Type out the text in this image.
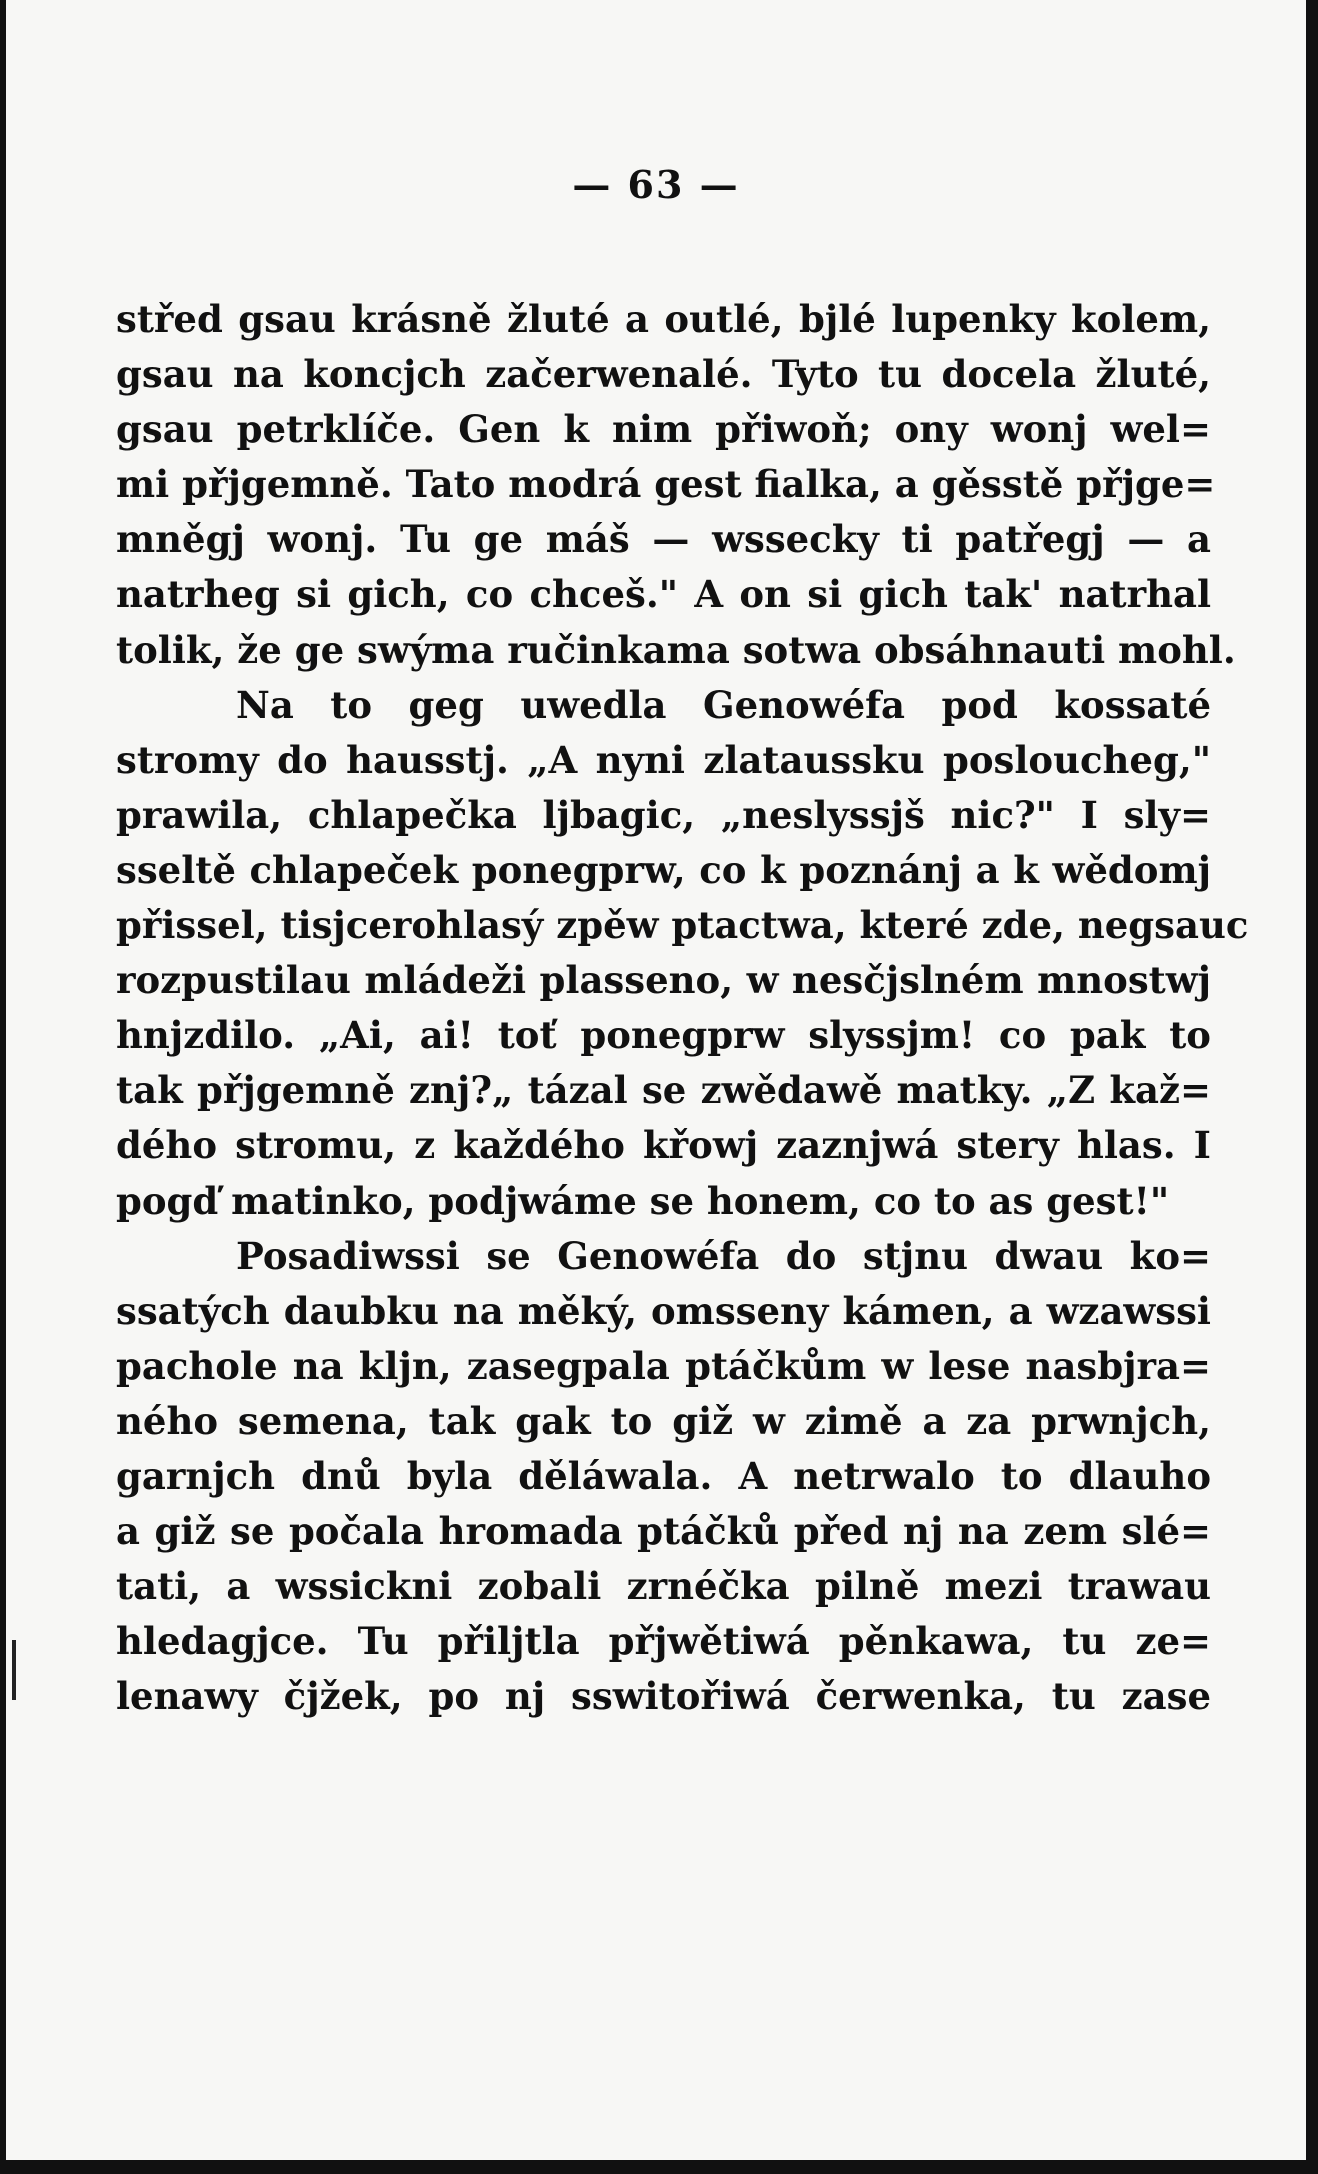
— 63 —
střed gsau krásně žluté a outlé, bjlé lupenky kolem,
gsau na koncjch začerwenalé. Tyto tu docela žluté,
gsau petrklíče. Gen k nim přiwoň; ony wonj wel=
mi přjgemně. Tato modrá gest fialka, a gěsstě přjge=
mněgj wonj. Tu ge máš — wssecky ti patřegj — a
natrheg si gich, co chceš." A on si gich tak' natrhal
tolik, že ge swýma ručinkama sotwa obsáhnauti mohl.
Na to geg uwedla Genowéfa pod kossaté
stromy do hausstj. „A nyni zlataussku posloucheg,"
prawila, chlapečka ljbagic, „neslyssjš nic?" I sly=
sseltě chlapeček ponegprw, co k poznánj a k wědomj
přissel, tisjcerohlasý zpěw ptactwa, které zde, negsauc
rozpustilau mládeži plasseno, w nesčjslném mnostwj
hnjzdilo. „Ai, ai! toť ponegprw slyssjm! co pak to
tak přjgemně znj?„ tázal se zwědawě matky. „Z kaž=
dého stromu, z každého křowj zaznjwá stery hlas. I
pogď matinko, podjwáme se honem, co to as gest!"
Posadiwssi se Genowéfa do stjnu dwau ko=
ssatých daubku na měký, omsseny kámen, a wzawssi
pachole na kljn, zasegpala ptáčkům w lese nasbjra=
ného semena, tak gak to giž w zimě a za prwnjch,
garnjch dnů byla děláwala. A netrwalo to dlauho
a giž se počala hromada ptáčků před nj na zem slé=
tati, a wssickni zobali zrnéčka pilně mezi trawau
hledagjce. Tu přiljtla přjwětiwá pěnkawa, tu ze=
lenawy čjžek, po nj sswitořiwá čerwenka, tu zase
